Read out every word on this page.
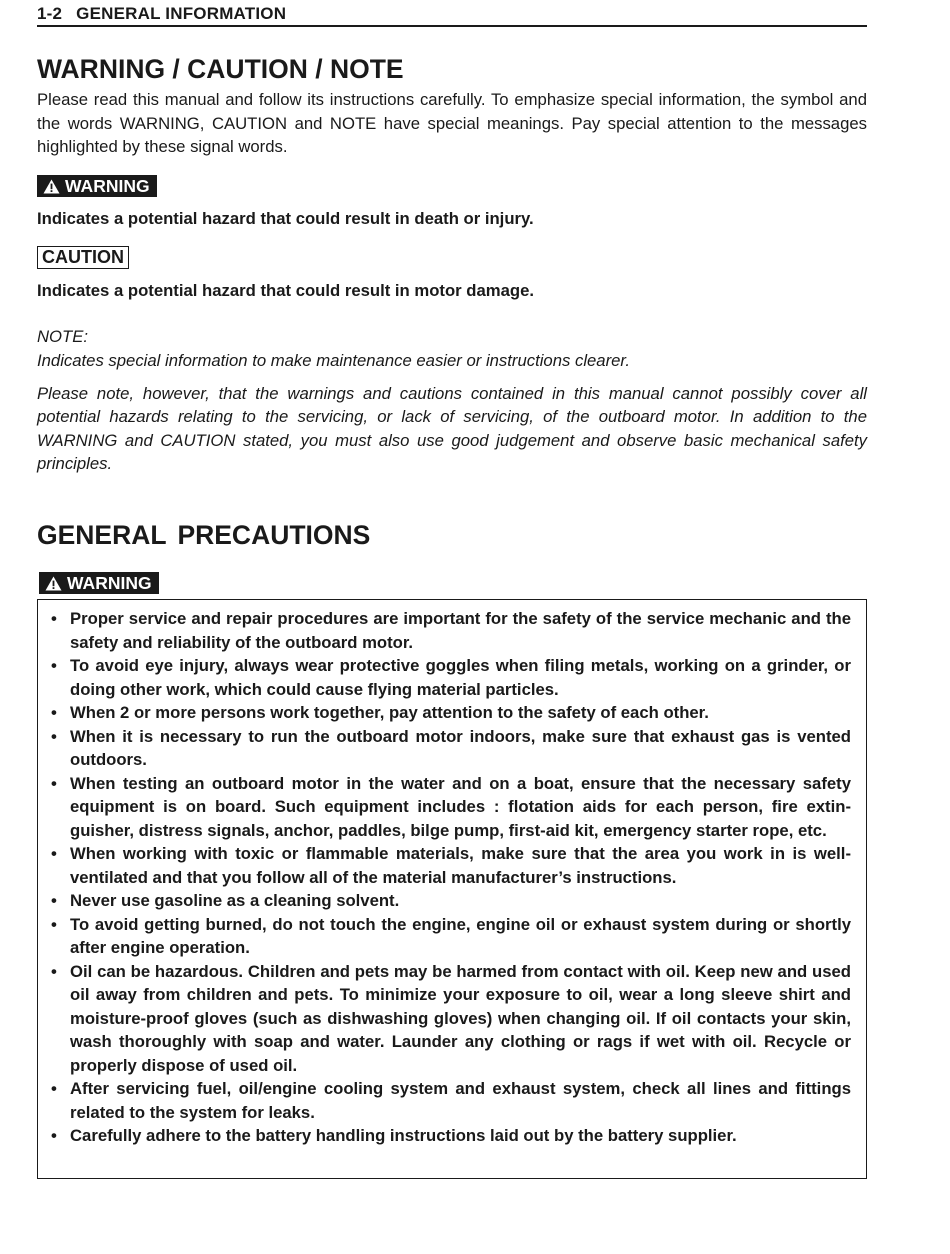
1-2 GENERAL INFORMATION
WARNING / CAUTION / NOTE

Please read this manual and follow its instructions carefully. To emphasize special information, the symbol and the words WARNING, CAUTION and NOTE have special meanings. Pay special attention to the messages highlighted by these signal words.

WARNING

Indicates a potential hazard that could result in death or injury.

CAUTION

Indicates a potential hazard that could result in motor damage.

NOTE:

Indicates special information to make maintenance easier or instructions clearer.

Please note, however, that the warnings and cautions contained in this manual cannot possibly cover all potential hazards relating to the servicing, or lack of servicing, of the outboard motor. In addition to the WARNING and CAUTION stated, you must also use good judgement and observe basic mechanical safety principles.

GENERAL PRECAUTIONS
WARNING
• Proper service and repair procedures are important for the safety of the service mechanic and the safety and reliability of the outboard motor.
• To avoid eye injury, always wear protective goggles when filing metals, working on a grinder, or doing other work, which could cause flying material particles.
• When 2 or more persons work together, pay attention to the safety of each other.
• When it is necessary to run the outboard motor indoors, make sure that exhaust gas is vented outdoors.
• When testing an outboard motor in the water and on a boat, ensure that the necessary safety equipment is on board. Such equipment includes : flotation aids for each person, fire extinguisher, distress signals, anchor, paddles, bilge pump, first-aid kit, emergency starter rope, etc.
• When working with toxic or flammable materials, make sure that the area you work in is well-ventilated and that you follow all of the material manufacturer’s instructions.
• Never use gasoline as a cleaning solvent.
• To avoid getting burned, do not touch the engine, engine oil or exhaust system during or shortly after engine operation.
• Oil can be hazardous. Children and pets may be harmed from contact with oil. Keep new and used oil away from children and pets. To minimize your exposure to oil, wear a long sleeve shirt and moisture-proof gloves (such as dishwashing gloves) when changing oil. If oil contacts your skin, wash thoroughly with soap and water. Launder any clothing or rags if wet with oil. Recycle or properly dispose of used oil.
• After servicing fuel, oil/engine cooling system and exhaust system, check all lines and fittings related to the system for leaks.
• Carefully adhere to the battery handling instructions laid out by the battery supplier.
